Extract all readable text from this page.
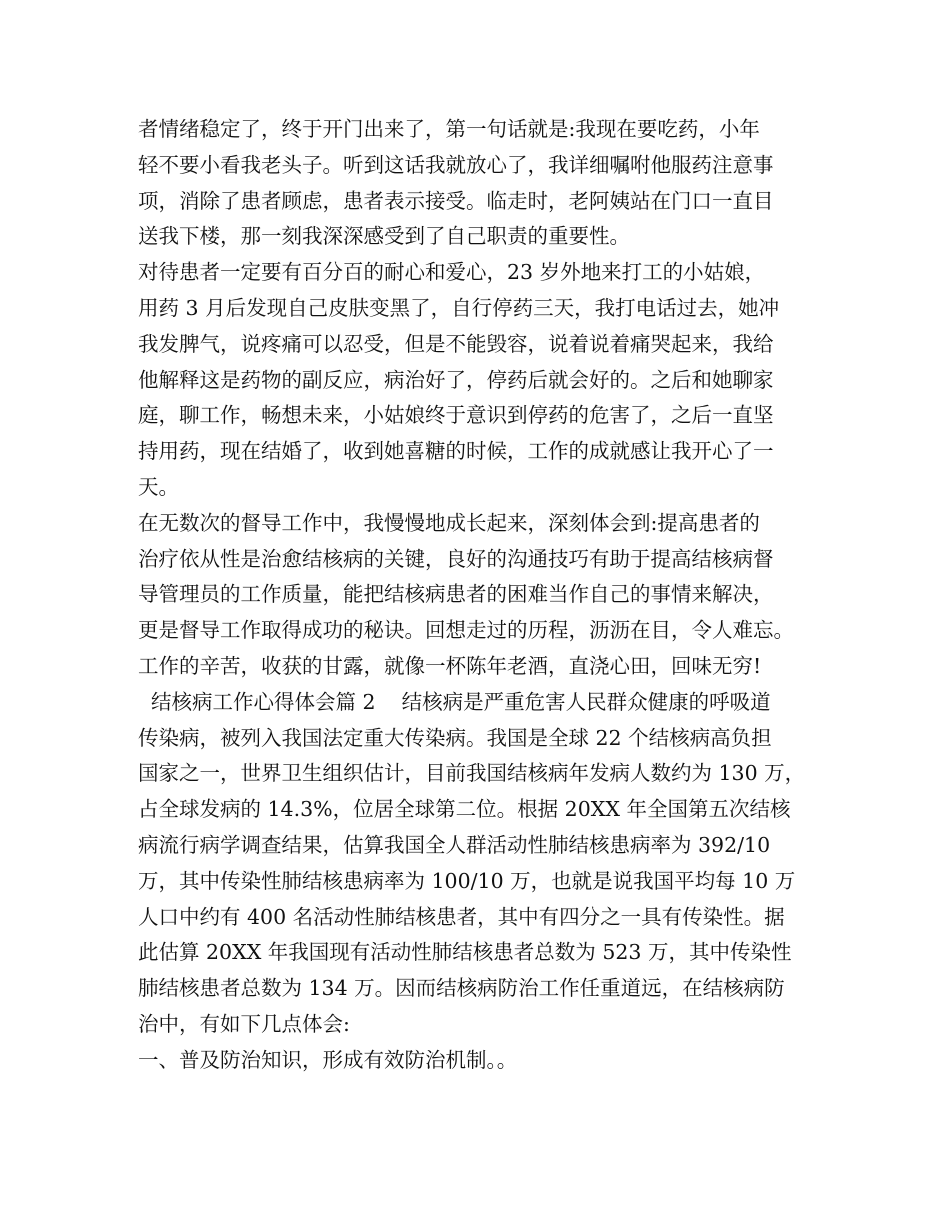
者情绪稳定了，终于开门出来了，第一句话就是:我现在要吃药，小年
轻不要小看我老头子。听到这话我就放心了，我详细嘱咐他服药注意事
项，消除了患者顾虑，患者表示接受。临走时，老阿姨站在门口一直目
送我下楼，那一刻我深深感受到了自己职责的重要性。
对待患者一定要有百分百的耐心和爱心，23 岁外地来打工的小姑娘，
用药 3 月后发现自己皮肤变黑了，自行停药三天，我打电话过去，她冲
我发脾气，说疼痛可以忍受，但是不能毁容，说着说着痛哭起来，我给
他解释这是药物的副反应，病治好了，停药后就会好的。之后和她聊家
庭，聊工作，畅想未来，小姑娘终于意识到停药的危害了，之后一直坚
持用药，现在结婚了，收到她喜糖的时候，工作的成就感让我开心了一
天。
在无数次的督导工作中，我慢慢地成长起来，深刻体会到:提高患者的
治疗依从性是治愈结核病的关键，良好的沟通技巧有助于提高结核病督
导管理员的工作质量，能把结核病患者的困难当作自己的事情来解决，
更是督导工作取得成功的秘诀。回想走过的历程，沥沥在目，令人难忘。
工作的辛苦，收获的甘露，就像一杯陈年老酒，直浇心田，回味无穷!
结核病工作心得体会篇 2    结核病是严重危害人民群众健康的呼吸道
传染病，被列入我国法定重大传染病。我国是全球 22 个结核病高负担
国家之一，世界卫生组织估计，目前我国结核病年发病人数约为 130 万，
占全球发病的 14.3%，位居全球第二位。根据 20XX 年全国第五次结核
病流行病学调查结果，估算我国全人群活动性肺结核患病率为 392/10
万，其中传染性肺结核患病率为 100/10 万，也就是说我国平均每 10 万
人口中约有 400 名活动性肺结核患者，其中有四分之一具有传染性。据
此估算 20XX 年我国现有活动性肺结核患者总数为 523 万，其中传染性
肺结核患者总数为 134 万。因而结核病防治工作任重道远，在结核病防
治中，有如下几点体会:
一、普及防治知识，形成有效防治机制。。
